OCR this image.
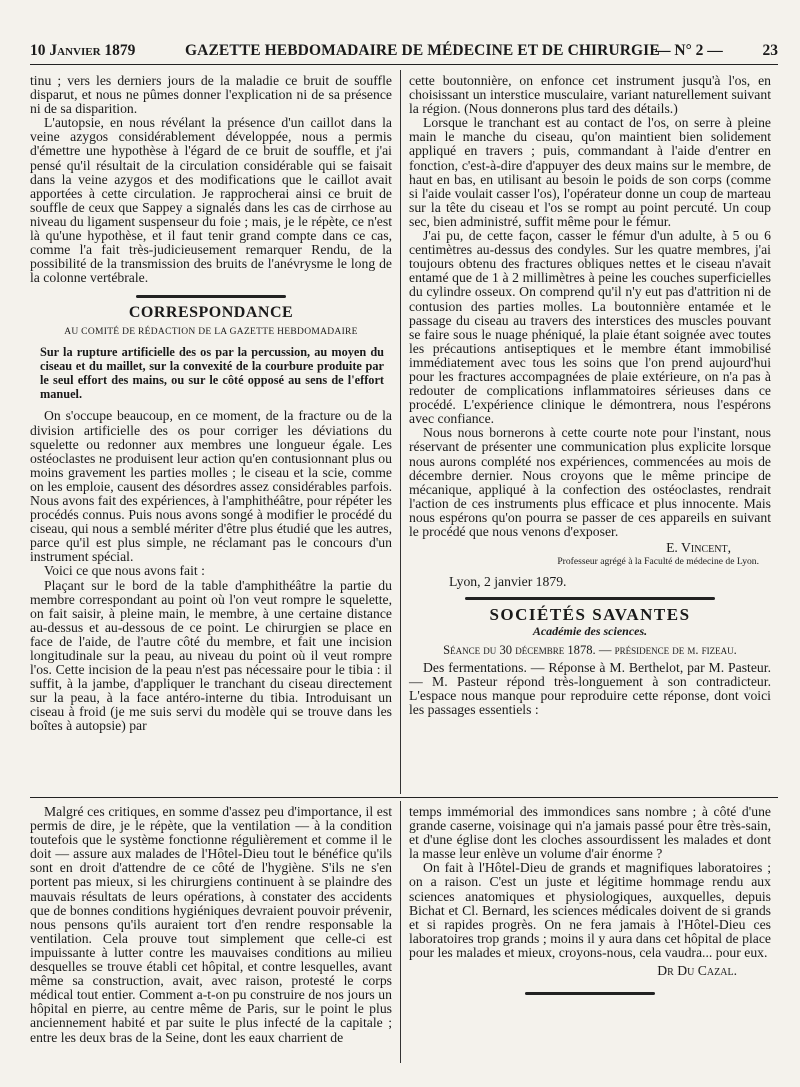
10 Janvier 1879	GAZETTE HEBDOMADAIRE DE MÉDECINE ET DE CHIRURGIE
— N° 2 —	23

tinu ; vers les derniers jours de la maladie ce bruit de souffle disparut, et nous ne pûmes donner l'explication ni de sa présence ni de sa disparition.

L'autopsie, en nous révélant la présence d'un caillot dans la veine azygos considérablement développée, nous a permis d'émettre une hypothèse à l'égard de ce bruit de souffle, et j'ai pensé qu'il résultait de la circulation considérable qui se faisait dans la veine azygos et des modifications que le caillot avait apportées à cette circulation. Je rapprocherai ainsi ce bruit de souffle de ceux que Sappey a signalés dans les cas de cirrhose au niveau du ligament suspenseur du foie ; mais, je le répète, ce n'est là qu'une hypothèse, et il faut tenir grand compte dans ce cas, comme l'a fait très-judicieusement remarquer Rendu, de la possibilité de la transmission des bruits de l'anévrysme le long de la colonne vertébrale.

CORRESPONDANCE
AU COMITÉ DE RÉDACTION DE LA GAZETTE HEBDOMADAIRE
Sur la rupture artificielle des os par la percussion, au moyen du ciseau et du maillet, sur la convexité de la courbure produite par le seul effort des mains, ou sur le côté opposé au sens de l'effort manuel.

On s'occupe beaucoup, en ce moment, de la fracture ou de la division artificielle des os pour corriger les déviations du squelette ou redonner aux membres une longueur égale. Les ostéoclastes ne produisent leur action qu'en contusionnant plus ou moins gravement les parties molles ; le ciseau et la scie, comme on les emploie, causent des désordres assez considérables parfois. Nous avons fait des expériences, à l'amphithéâtre, pour répéter les procédés connus. Puis nous avons songé à modifier le procédé du ciseau, qui nous a semblé mériter d'être plus étudié que les autres, parce qu'il est plus simple, ne réclamant pas le concours d'un instrument spécial.

Voici ce que nous avons fait :

Plaçant sur le bord de la table d'amphithéâtre la partie du membre correspondant au point où l'on veut rompre le squelette, on fait saisir, à pleine main, le membre, à une certaine distance au-dessus et au-dessous de ce point. Le chirurgien se place en face de l'aide, de l'autre côté du membre, et fait une incision longitudinale sur la peau, au niveau du point où il veut rompre l'os. Cette incision de la peau n'est pas nécessaire pour le tibia : il suffit, à la jambe, d'appliquer le tranchant du ciseau directement sur la peau, à la face antéro-interne du tibia. Introduisant un ciseau à froid (je me suis servi du modèle qui se trouve dans les boîtes à autopsie) par

cette boutonnière, on enfonce cet instrument jusqu'à l'os, en choisissant un interstice musculaire, variant naturellement suivant la région. (Nous donnerons plus tard des détails.)

Lorsque le tranchant est au contact de l'os, on serre à pleine main le manche du ciseau, qu'on maintient bien solidement appliqué en travers ; puis, commandant à l'aide d'entrer en fonction, c'est-à-dire d'appuyer des deux mains sur le membre, de haut en bas, en utilisant au besoin le poids de son corps (comme si l'aide voulait casser l'os), l'opérateur donne un coup de marteau sur la tête du ciseau et l'os se rompt au point percuté. Un coup sec, bien administré, suffit même pour le fémur.

J'ai pu, de cette façon, casser le fémur d'un adulte, à 5 ou 6 centimètres au-dessus des condyles. Sur les quatre membres, j'ai toujours obtenu des fractures obliques nettes et le ciseau n'avait entamé que de 1 à 2 millimètres à peine les couches superficielles du cylindre osseux. On comprend qu'il n'y eut pas d'attrition ni de contusion des parties molles. La boutonnière entamée et le passage du ciseau au travers des interstices des muscles pouvant se faire sous le nuage phéniqué, la plaie étant soignée avec toutes les précautions antiseptiques et le membre étant immobilisé immédiatement avec tous les soins que l'on prend aujourd'hui pour les fractures accompagnées de plaie extérieure, on n'a pas à redouter de complications inflammatoires sérieuses dans ce procédé. L'expérience clinique le démontrera, nous l'espérons avec confiance.

Nous nous bornerons à cette courte note pour l'instant, nous réservant de présenter une communication plus explicite lorsque nous aurons complété nos expériences, commencées au mois de décembre dernier. Nous croyons que le même principe de mécanique, appliqué à la confection des ostéoclastes, rendrait l'action de ces instruments plus efficace et plus innocente. Mais nous espérons qu'on pourra se passer de ces appareils en suivant le procédé que nous venons d'exposer.

E. Vincent,
Professeur agrégé à la Faculté de médecine de Lyon.
Lyon, 2 janvier 1879.
SOCIÉTÉS SAVANTES
Académie des sciences.
Séance du 30 décembre 1878. — présidence de m. fizeau.

Des fermentations. — Réponse à M. Berthelot, par M. Pasteur. — M. Pasteur répond très-longuement à son contradicteur. L'espace nous manque pour reproduire cette réponse, dont voici les passages essentiels :

Malgré ces critiques, en somme d'assez peu d'importance, il est permis de dire, je le répète, que la ventilation — à la condition toutefois que le système fonctionne régulièrement et comme il le doit — assure aux malades de l'Hôtel-Dieu tout le bénéfice qu'ils sont en droit d'attendre de ce côté de l'hygiène. S'ils ne s'en portent pas mieux, si les chirurgiens continuent à se plaindre des mauvais résultats de leurs opérations, à constater des accidents que de bonnes conditions hygiéniques devraient pouvoir prévenir, nous pensons qu'ils auraient tort d'en rendre responsable la ventilation. Cela prouve tout simplement que celle-ci est impuissante à lutter contre les mauvaises conditions au milieu desquelles se trouve établi cet hôpital, et contre lesquelles, avant même sa construction, avait, avec raison, protesté le corps médical tout entier. Comment a-t-on pu construire de nos jours un hôpital en pierre, au centre même de Paris, sur le point le plus anciennement habité et par suite le plus infecté de la capitale ; entre les deux bras de la Seine, dont les eaux charrient de

temps immémorial des immondices sans nombre ; à côté d'une grande caserne, voisinage qui n'a jamais passé pour être très-sain, et d'une église dont les cloches assourdissent les malades et dont la masse leur enlève un volume d'air énorme ?

On fait à l'Hôtel-Dieu de grands et magnifiques laboratoires ; on a raison. C'est un juste et légitime hommage rendu aux sciences anatomiques et physiologiques, auxquelles, depuis Bichat et Cl. Bernard, les sciences médicales doivent de si grands et si rapides progrès. On ne fera jamais à l'Hôtel-Dieu ces laboratoires trop grands ; moins il y aura dans cet hôpital de place pour les malades et mieux, croyons-nous, cela vaudra... pour eux.

Dr Du Cazal.
